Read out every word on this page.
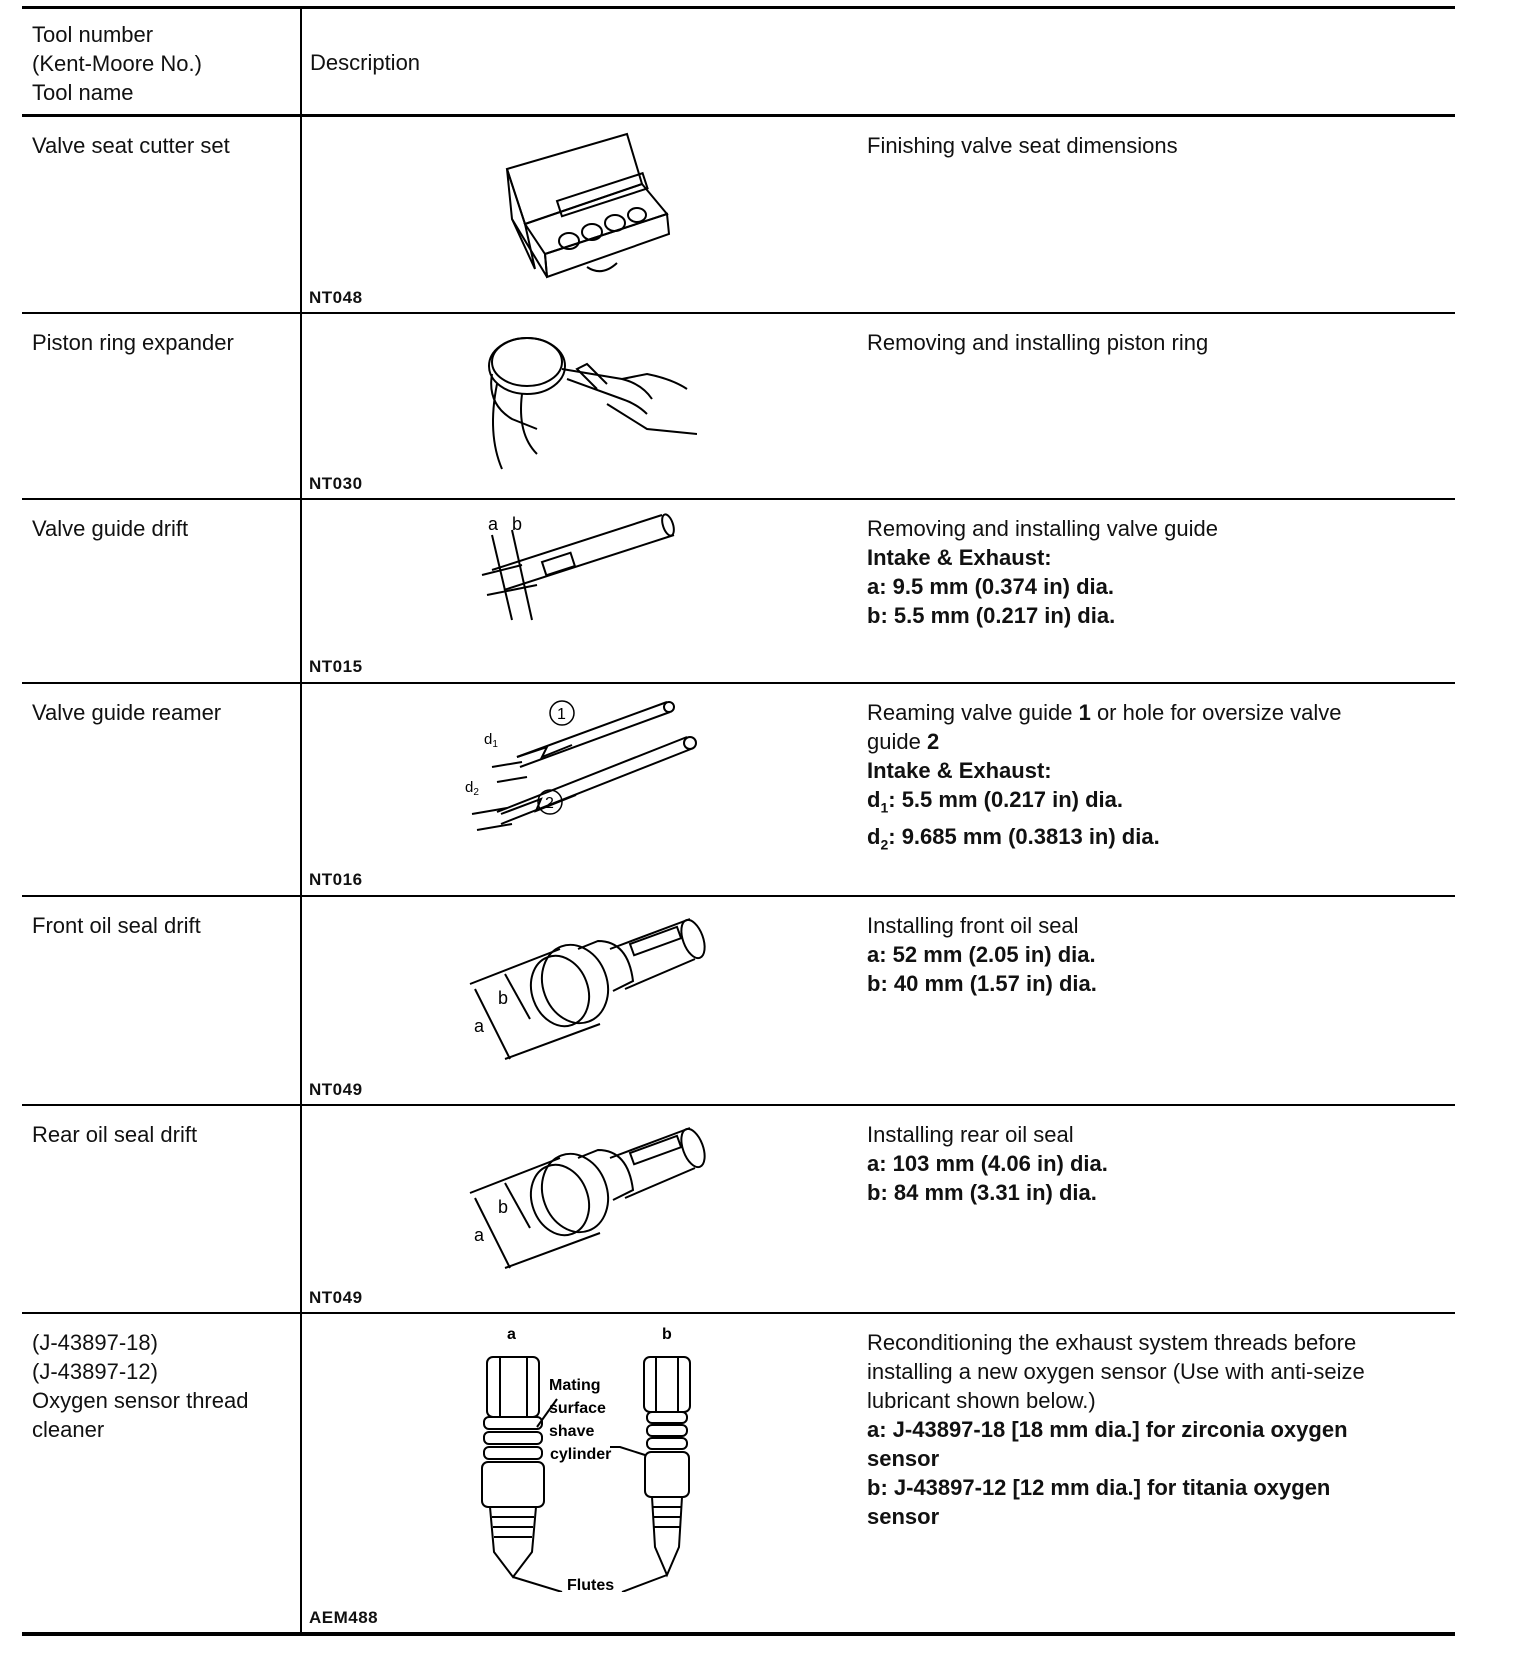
Tool number
(Kent-Moore No.)
Tool name
Description
Valve seat cutter set
NT048
Finishing valve seat dimensions
Piston ring expander
NT030
Removing and installing piston ring
Valve guide drift
NT015
Removing and installing valve guide
Intake & Exhaust:
a: 9.5 mm (0.374 in) dia.
b: 5.5 mm (0.217 in) dia.
a b
Valve guide reamer
NT016
Reaming valve guide 1 or hole for oversize valve
guide 2
Intake & Exhaust:
$d_1$: 5.5 mm (0.217 in) dia.
$d_2$: 9.685 mm (0.3813 in) dia.
1
2
$d_1$
$d_2$
Front oil seal drift
NT049
Installing front oil seal
a: 52 mm (2.05 in) dia.
b: 40 mm (1.57 in) dia.
a
b
Rear oil seal drift
NT049
Installing rear oil seal
a: 103 mm (4.06 in) dia.
b: 84 mm (3.31 in) dia.
a
b
(J-43897-18)
(J-43897-12)
Oxygen sensor thread
cleaner
AEM488
Reconditioning the exhaust system threads before
installing a new oxygen sensor (Use with anti-seize
lubricant shown below.)
a: J-43897-18 [18 mm dia.] for zirconia oxygen
sensor
b: J-43897-12 [12 mm dia.] for titania oxygen
sensor
a	b
Mating
surface
shave
cylinder
Flutes
